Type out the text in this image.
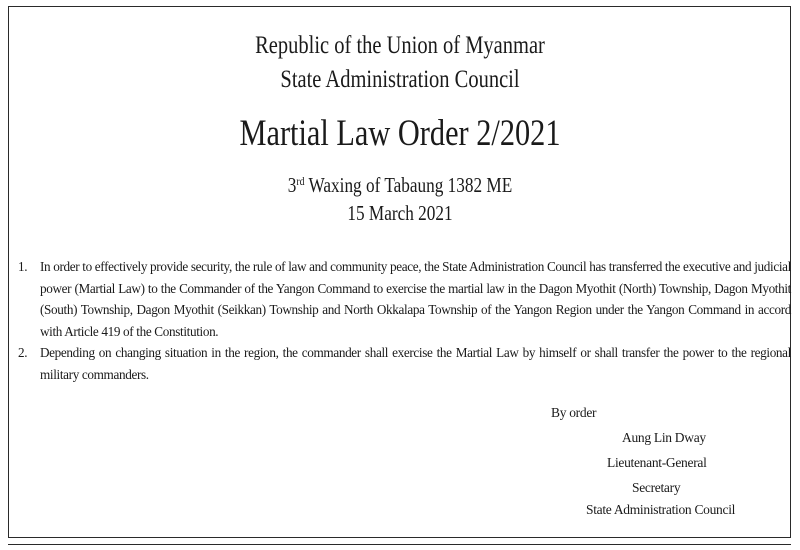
Republic of the Union of Myanmar
State Administration Council
Martial Law Order 2/2021
3rd Waxing of Tabaung 1382 ME
15 March 2021
1. In order to effectively provide security, the rule of law and community peace, the State Administration Council has transferred the executive and judicial power (Martial Law) to the Commander of the Yangon Command to exercise the martial law in the Dagon Myothit (North) Township, Dagon Myothit (South) Township, Dagon Myothit (Seikkan) Township and North Okkalapa Township of the Yangon Region under the Yangon Command in accord with Article 419 of the Constitution.
2. Depending on changing situation in the region, the commander shall exercise the Martial Law by himself or shall transfer the power to the regional military commanders.
By order
Aung Lin Dway
Lieutenant-General
Secretary
State Administration Council
